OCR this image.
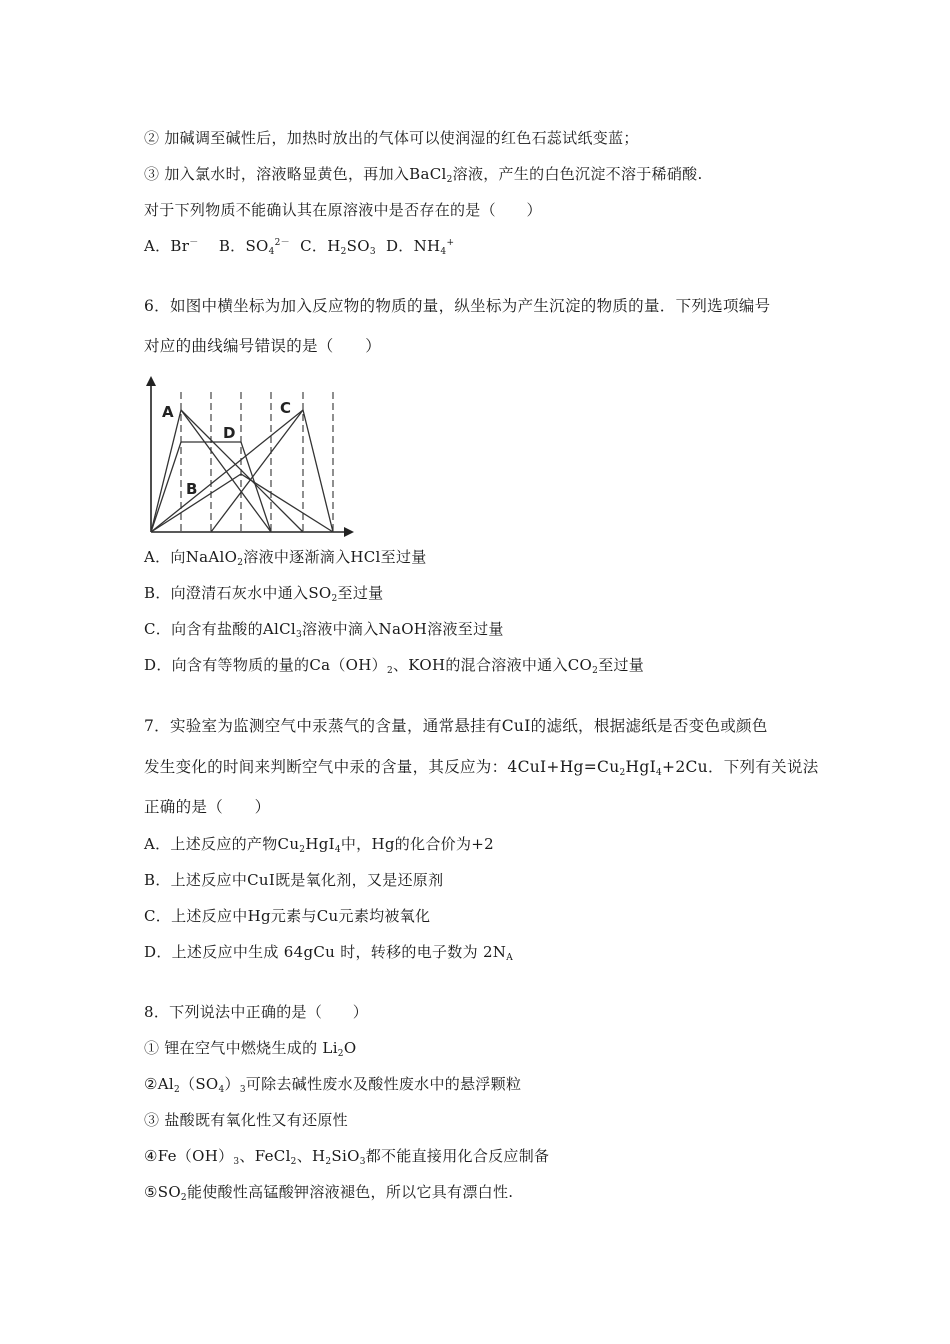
② 加碱调至碱性后，加热时放出的气体可以使润湿的红色石蕊试纸变蓝；
③ 加入氯水时，溶液略显黄色，再加入BaCl$_2$溶液，产生的白色沉淀不溶于稀硝酸.
对于下列物质不能确认其在原溶液中是否存在的是（　　）
A．Br－ B．$SO_4^{2-}$ C．$H_2SO_3$ D．$NH_4^+$
6．如图中横坐标为加入反应物的物质的量，纵坐标为产生沉淀的物质的量．下列选项编号
对应的曲线编号错误的是（　　）
A
D
C
B
A．向NaAlO$_2$溶液中逐渐滴入HCl至过量
B．向澄清石灰水中通入$SO_2$至过量
C．向含有盐酸的AlCl$_3$溶液中滴入NaOH溶液至过量
D．向含有等物质的量的$Ca(OH)_2$、KOH的混合溶液中通入$CO_2$至过量
7．实验室为监测空气中汞蒸气的含量，通常悬挂有CuI的滤纸，根据滤纸是否变色或颜色
发生变化的时间来判断空气中汞的含量，其反应为：$4CuI+Hg=Cu_2HgI_4+2Cu$．下列有关说法
正确的是（　　）
A．上述反应的产物$Cu_2HgI_4$中，Hg的化合价为+2
B．上述反应中CuI既是氧化剂，又是还原剂
C．上述反应中Hg元素与Cu元素均被氧化
D．上述反应中生成 64gCu 时，转移的电子数为 $2N_A$
8．下列说法中正确的是（　　）
① 锂在空气中燃烧生成的 $Li_2O$
$②Al_2(SO_4)_3$可除去碱性废水及酸性废水中的悬浮颗粒
③ 盐酸既有氧化性又有还原性
$④Fe(OH)_3$、FeCl$_2$、$H_2SiO_3$都不能直接用化合反应制备
$⑤SO_2$能使酸性高锰酸钾溶液褪色，所以它具有漂白性.
